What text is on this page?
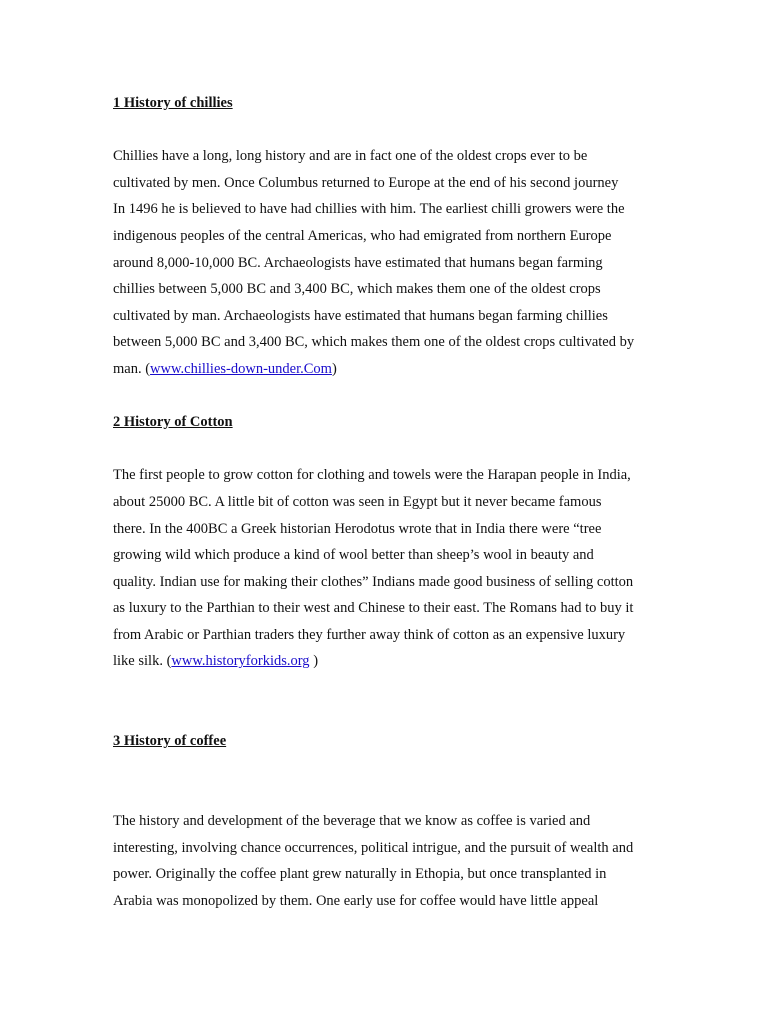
1 History of chillies

Chillies have a long, long history and are in fact one of the oldest crops ever to be
cultivated by men. Once Columbus returned to Europe at the end of his second journey
In 1496 he is believed to have had chillies with him. The earliest chilli growers were the
indigenous peoples of the central Americas, who had emigrated from northern Europe
around 8,000-10,000 BC. Archaeologists have estimated that humans began farming
chillies between 5,000 BC and 3,400 BC, which makes them one of the oldest crops
cultivated by man. Archaeologists have estimated that humans began farming chillies
between 5,000 BC and 3,400 BC, which makes them one of the oldest crops cultivated by
man. (www.chillies-down-under.Com)

2 History of Cotton

The first people to grow cotton for clothing and towels were the Harapan people in India,
about 25000 BC. A little bit of cotton was seen in Egypt but it never became famous
there. In the 400BC a Greek historian Herodotus wrote that in India there were “tree
growing wild which produce a kind of wool better than sheep’s wool in beauty and
quality. Indian use for making their clothes” Indians made good business of selling cotton
as luxury to the Parthian to their west and Chinese to their east. The Romans had to buy it
from Arabic or Parthian traders they further away think of cotton as an expensive luxury
like silk. (www.historyforkids.org )

3 History of coffee

The history and development of the beverage that we know as coffee is varied and
interesting, involving chance occurrences, political intrigue, and the pursuit of wealth and
power. Originally the coffee plant grew naturally in Ethopia, but once transplanted in
Arabia was monopolized by them. One early use for coffee would have little appeal
